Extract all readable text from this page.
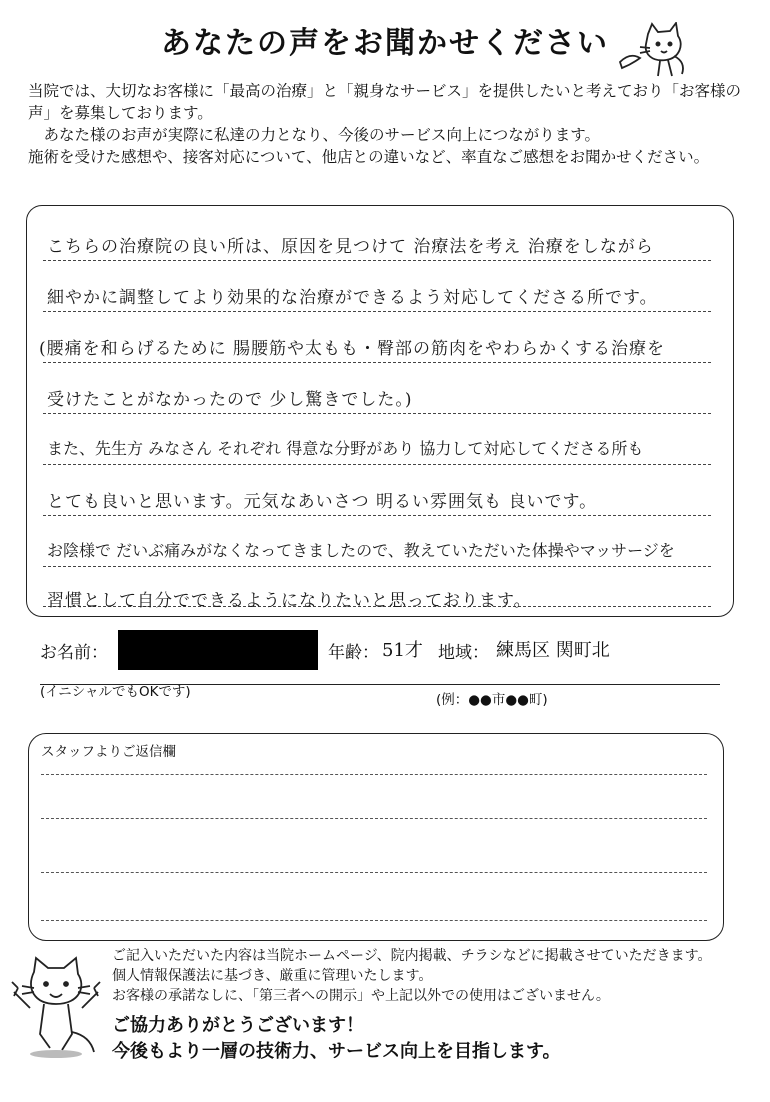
あなたの声をお聞かせください

当院では、大切なお客様に「最高の治療」と「親身なサービス」を提供したいと考えており「お客様の声」を募集しております。

あなた様のお声が実際に私達の力となり、今後のサービス向上につながります。

施術を受けた感想や、接客対応について、他店との違いなど、率直なご感想をお聞かせください。

こちらの治療院の良い所は、原因を見つけて 治療法を考え 治療をしながら
細やかに調整してより効果的な治療ができるよう対応してくださる所です。
(腰痛を和らげるために 腸腰筋や太もも・臀部の筋肉をやわらかくする治療を
受けたことがなかったので 少し驚きでした。)
また、先生方 みなさん それぞれ 得意な分野があり 協力して対応してくださる所も
とても良いと思います。元気なあいさつ 明るい雰囲気も 良いです。
お陰様で だいぶ痛みがなくなってきましたので、教えていただいた体操やマッサージを
習慣として自分でできるようになりたいと思っております。
お名前：	年齢： 51才 地域： 練馬区 関町北
(イニシャルでもOKです)	(例：●●市●●町)
スタッフよりご返信欄

ご記入いただいた内容は当院ホームページ、院内掲載、チラシなどに掲載させていただきます。

個人情報保護法に基づき、厳重に管理いたします。

お客様の承諾なしに、「第三者への開示」や上記以外での使用はございません。

ご協力ありがとうございます！

今後もより一層の技術力、サービス向上を目指します。
